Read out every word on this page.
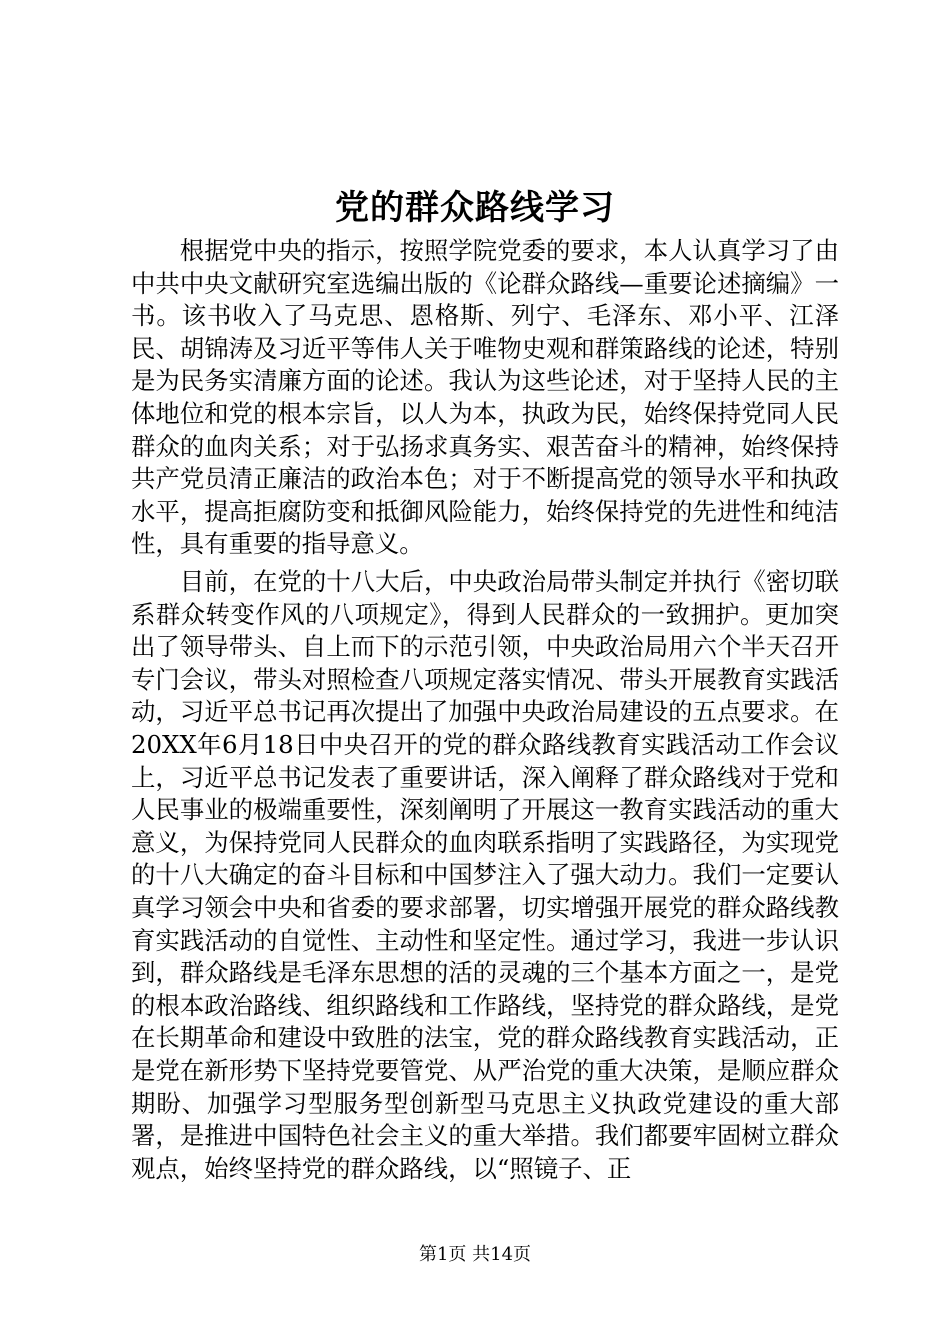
党的群众路线学习

根据党中央的指示，按照学院党委的要求，本人认真学习了由中共中央文献研究室选编出版的《论群众路线—重要论述摘编》一书。该书收入了马克思、恩格斯、列宁、毛泽东、邓小平、江泽民、胡锦涛及习近平等伟人关于唯物史观和群策路线的论述，特别是为民务实清廉方面的论述。我认为这些论述，对于坚持人民的主体地位和党的根本宗旨，以人为本，执政为民，始终保持党同人民群众的血肉关系；对于弘扬求真务实、艰苦奋斗的精神，始终保持共产党员清正廉洁的政治本色；对于不断提高党的领导水平和执政水平，提高拒腐防变和抵御风险能力，始终保持党的先进性和纯洁性，具有重要的指导意义。

目前，在党的十八大后，中央政治局带头制定并执行《密切联系群众转变作风的八项规定》，得到人民群众的一致拥护。更加突出了领导带头、自上而下的示范引领，中央政治局用六个半天召开专门会议，带头对照检查八项规定落实情况、带头开展教育实践活动，习近平总书记再次提出了加强中央政治局建设的五点要求。在20XX年6月18日中央召开的党的群众路线教育实践活动工作会议上，习近平总书记发表了重要讲话，深入阐释了群众路线对于党和人民事业的极端重要性，深刻阐明了开展这一教育实践活动的重大意义，为保持党同人民群众的血肉联系指明了实践路径，为实现党的十八大确定的奋斗目标和中国梦注入了强大动力。我们一定要认真学习领会中央和省委的要求部署，切实增强开展党的群众路线教育实践活动的自觉性、主动性和坚定性。通过学习，我进一步认识到，群众路线是毛泽东思想的活的灵魂的三个基本方面之一，是党的根本政治路线、组织路线和工作路线，坚持党的群众路线，是党在长期革命和建设中致胜的法宝，党的群众路线教育实践活动，正是党在新形势下坚持党要管党、从严治党的重大决策，是顺应群众期盼、加强学习型服务型创新型马克思主义执政党建设的重大部署，是推进中国特色社会主义的重大举措。我们都要牢固树立群众观点，始终坚持党的群众路线，以“照镜子、正

第1页 共14页
